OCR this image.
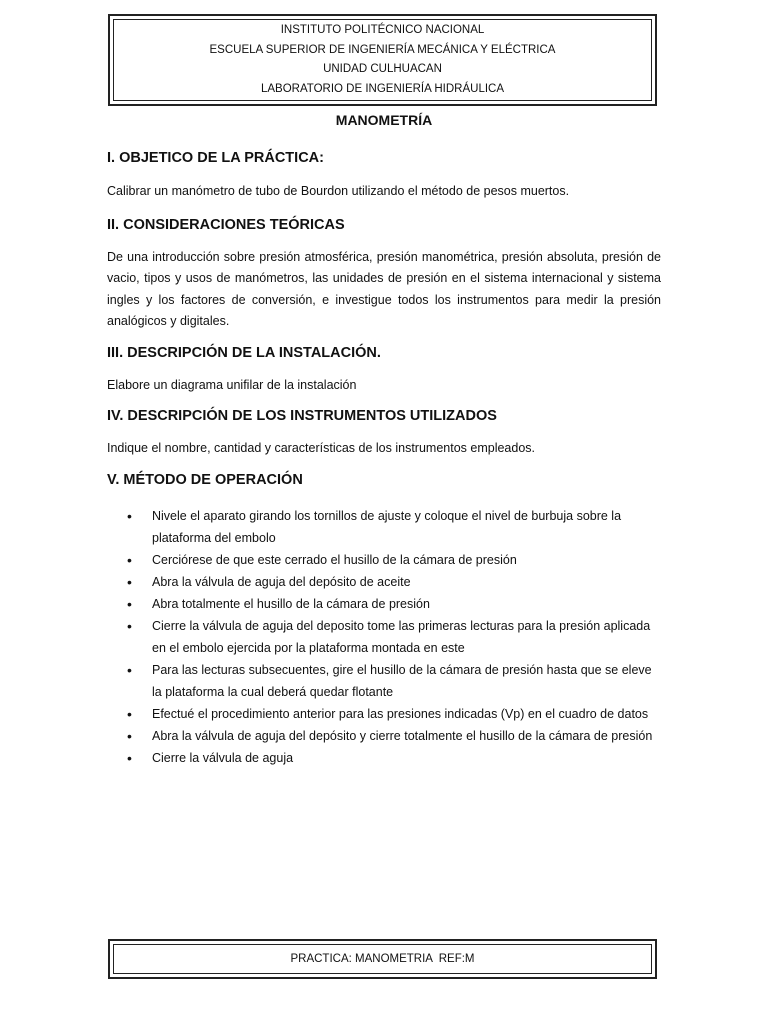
INSTITUTO POLITÉCNICO NACIONAL
ESCUELA SUPERIOR DE INGENIERÍA MECÁNICA Y ELÉCTRICA
UNIDAD CULHUACAN
LABORATORIO DE INGENIERÍA HIDRÁULICA
MANOMETRÍA
I. OBJETICO DE LA PRÁCTICA:

Calibrar un manómetro de tubo de Bourdon utilizando el método de pesos muertos.

II. CONSIDERACIONES TEÓRICAS

De una introducción sobre presión atmosférica, presión manométrica, presión absoluta, presión de vacio, tipos y usos de manómetros, las unidades de presión en el sistema internacional y sistema ingles y los factores de conversión, e investigue todos los instrumentos para medir la presión analógicos y digitales.

III. DESCRIPCIÓN DE LA INSTALACIÓN.

Elabore un diagrama unifilar de la instalación

IV. DESCRIPCIÓN DE LOS INSTRUMENTOS UTILIZADOS

Indique el nombre, cantidad y características de los instrumentos empleados.

V. MÉTODO DE OPERACIÓN
• Nivele el aparato girando los tornillos de ajuste y coloque el nivel de burbuja sobre la plataforma del embolo
• Cerciórese de que este cerrado el husillo de la cámara de presión
• Abra la válvula de aguja del depósito de aceite
• Abra totalmente el husillo de la cámara de presión
• Cierre la válvula de aguja del deposito tome las primeras lecturas para la presión aplicada en el embolo ejercida por la plataforma montada en este
• Para las lecturas subsecuentes, gire el husillo de la cámara de presión hasta que se eleve la plataforma la cual deberá quedar flotante
• Efectué el procedimiento anterior para las presiones indicadas (Vp) en el cuadro de datos
• Abra la válvula de aguja del depósito y cierre totalmente el husillo de la cámara de presión
• Cierre la válvula de aguja
PRACTICA: MANOMETRIA  REF:M
